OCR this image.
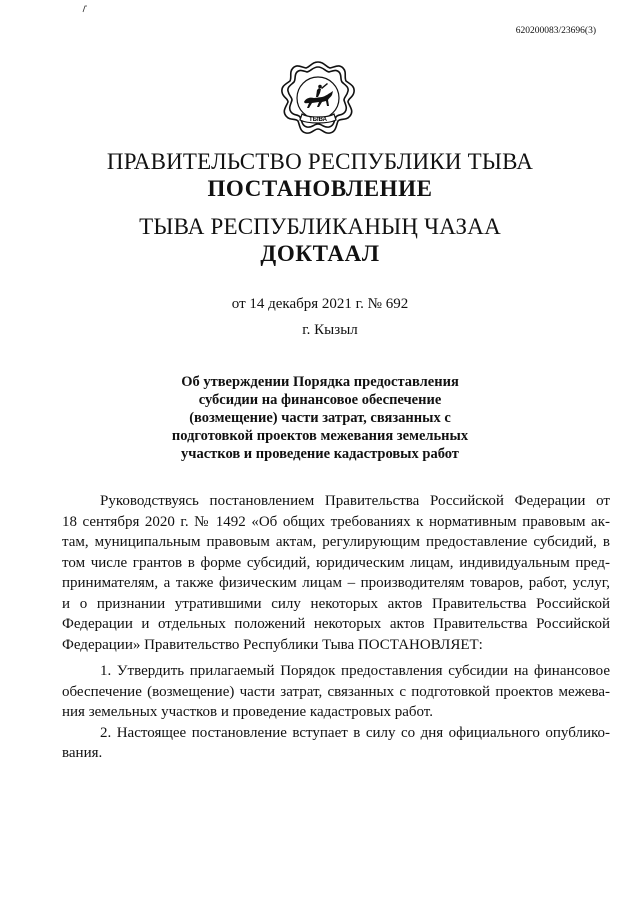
620200083/23696(3)
ТЫВА
ПРАВИТЕЛЬСТВО РЕСПУБЛИКИ ТЫВА
ПОСТАНОВЛЕНИЕ
ТЫВА РЕСПУБЛИКАНЫҢ ЧАЗАА
ДОКТААЛ
от 14 декабря 2021 г. № 692
г. Кызыл
Об утверждении Порядка предоставления
субсидии на финансовое обеспечение
(возмещение) части затрат, связанных с
подготовкой проектов межевания земельных
участков и проведение кадастровых работ
Руководствуясь постановлением Правительства Российской Федерации от
18 сентября 2020 г. № 1492 «Об общих требованиях к нормативным правовым ак-
там, муниципальным правовым актам, регулирующим предоставление субсидий, в
том числе грантов в форме субсидий, юридическим лицам, индивидуальным пред-
принимателям, а также физическим лицам – производителям товаров, работ, услуг,
и о признании утратившими силу некоторых актов Правительства Российской
Федерации и отдельных положений некоторых актов Правительства Российской
Федерации» Правительство Республики Тыва ПОСТАНОВЛЯЕТ:
1. Утвердить прилагаемый Порядок предоставления субсидии на финансовое
обеспечение (возмещение) части затрат, связанных с подготовкой проектов межева-
ния земельных участков и проведение кадастровых работ.
2. Настоящее постановление вступает в силу со дня официального опублико-
вания.
